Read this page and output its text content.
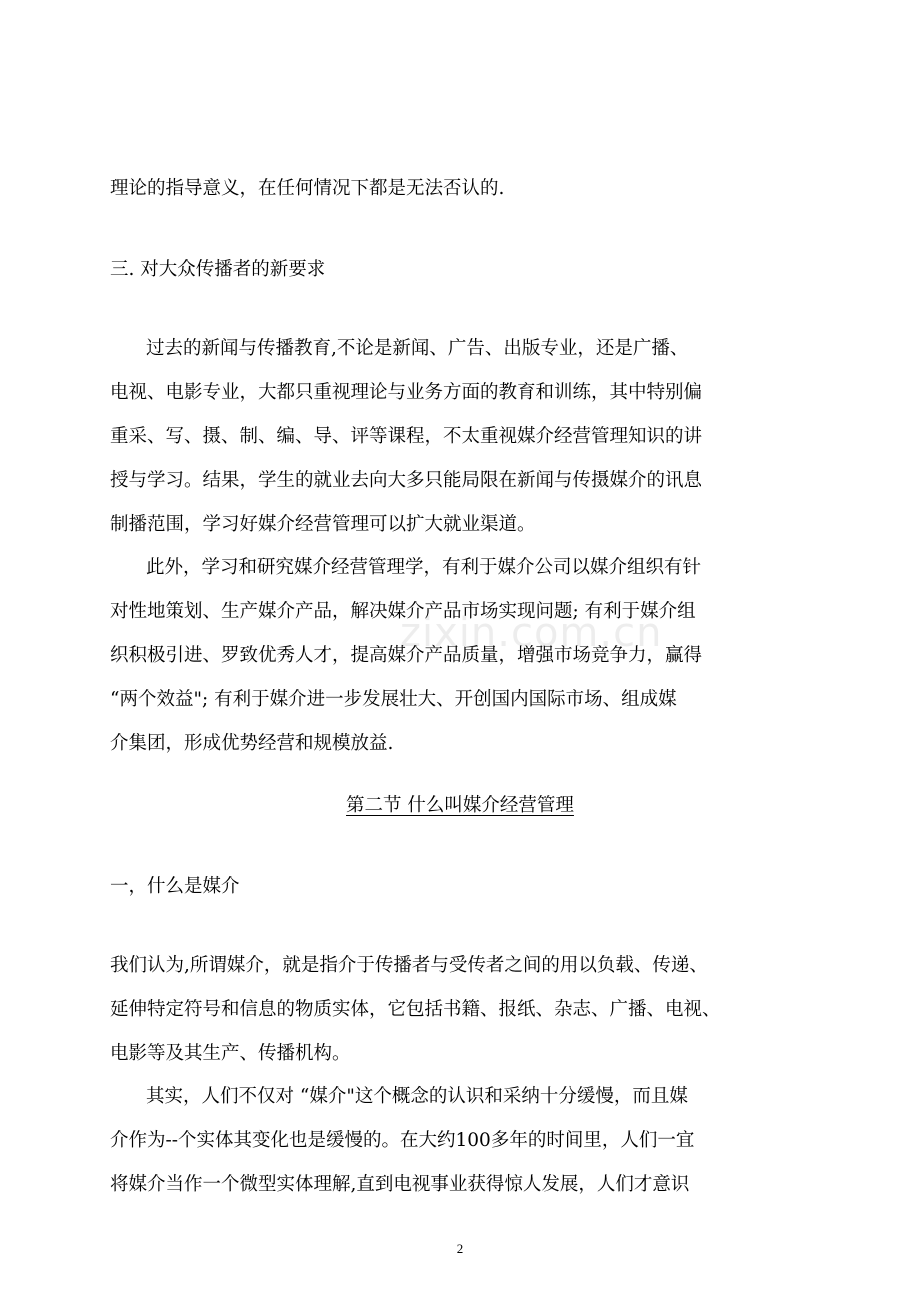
zixin.com.cn
理论的指导意义，在任何情况下都是无法否认的.
三. 对大众传播者的新要求
过去的新闻与传播教育,不论是新闻、广告、出版专业，还是广播、
电视、电影专业，大都只重视理论与业务方面的教育和训练，其中特别偏
重采、写、摄、制、编、导、评等课程，不太重视媒介经营管理知识的讲
授与学习。结果，学生的就业去向大多只能局限在新闻与传摄媒介的讯息
制播范围，学习好媒介经营管理可以扩大就业渠道。
此外，学习和研究媒介经营管理学，有利于媒介公司以媒介组织有针
对性地策划、生产媒介产品，解决媒介产品市场实现问题; 有利于媒介组
织积极引进、罗致优秀人才，提高媒介产品质量，增强市场竞争力，赢得
“两个效益"; 有利于媒介进一步发展壮大、开创国内国际市场、组成媒
介集团，形成优势经营和规模放益.
第二节 什么叫媒介经营管理
一，什么是媒介
我们认为,所谓媒介，就是指介于传播者与受传者之间的用以负载、传递、
延伸特定符号和信息的物质实体，它包括书籍、报纸、杂志、广播、电视、
电影等及其生产、传播机构。
其实，人们不仅对 “媒介"这个概念的认识和采纳十分缓慢，而且媒
介作为--个实体其变化也是缓慢的。在大约100多年的时间里，人们一宜
将媒介当作一个微型实体理解,直到电视事业获得惊人发展，人们才意识
2
